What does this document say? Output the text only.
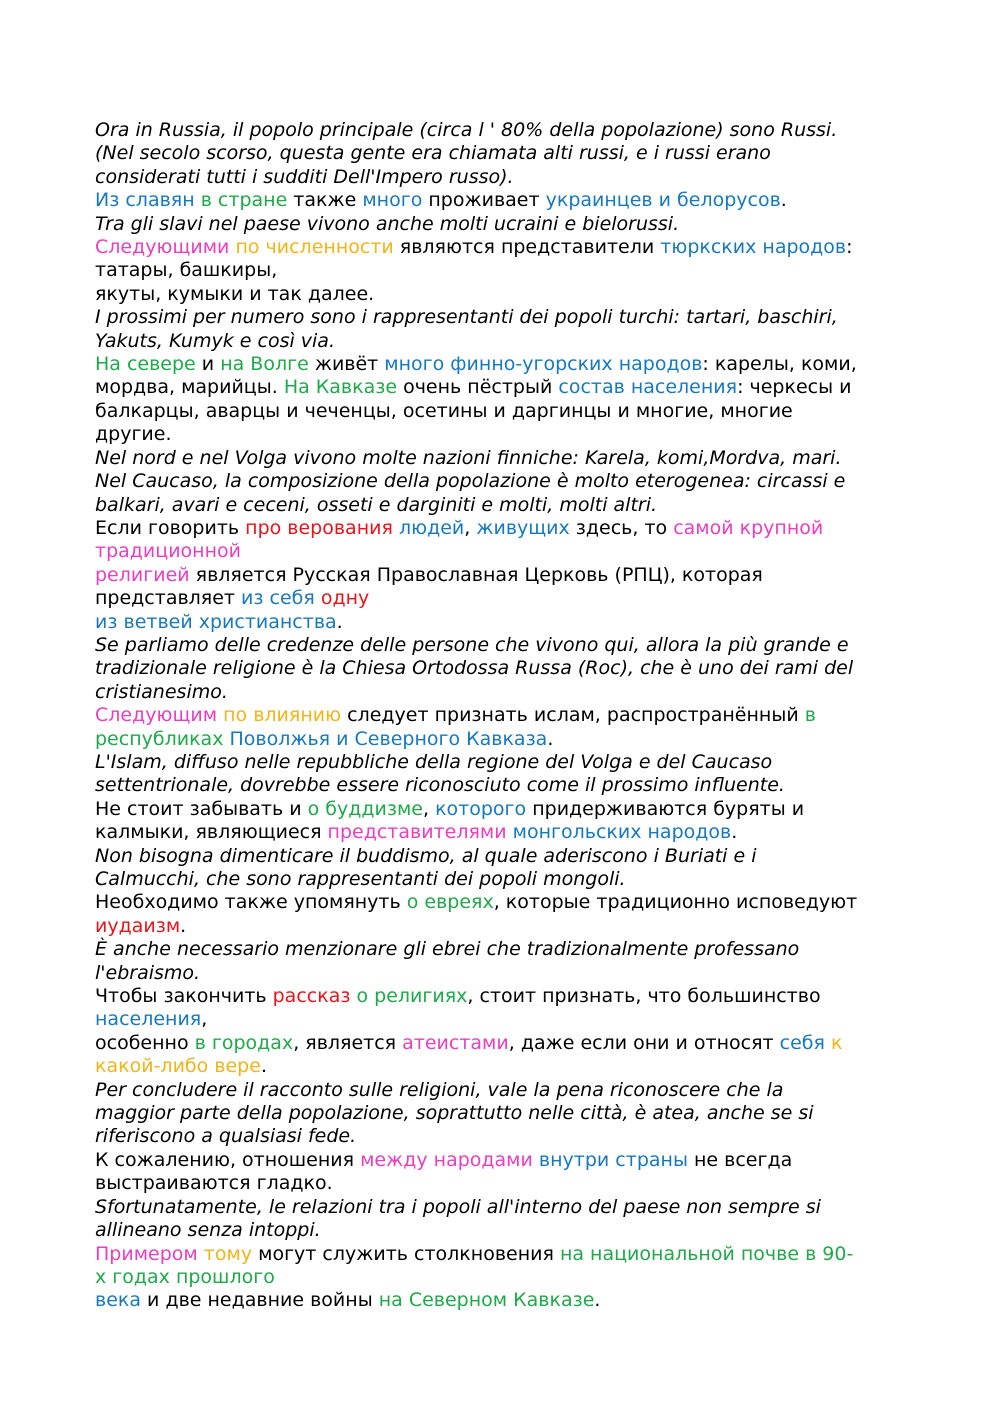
Ora in Russia, il popolo principale (circa l ' 80% della popolazione) sono Russi.
(Nel secolo scorso, questa gente era chiamata alti russi, e i russi erano
considerati tutti i sudditi Dell'Impero russo).

Из славян в стране также много проживает украинцев и белорусов.

Tra gli slavi nel paese vivono anche molti ucraini e bielorussi.

Следующими по численности являются представители тюркских народов:
татары, башкиры,
якуты, кумыки и так далее.

I prossimi per numero sono i rappresentanti dei popoli turchi: tartari, baschiri,
Yakuts, Kumyk e così via.

На севере и на Волге живёт много финно-угорских народов: карелы, коми,
мордва, марийцы. На Кавказе очень пёстрый состав населения: черкесы и
балкарцы, аварцы и чеченцы, осетины и даргинцы и многие, многие
другие.

Nel nord e nel Volga vivono molte nazioni finniche: Karela, komi,Mordva, mari.
Nel Caucaso, la composizione della popolazione è molto eterogenea: circassi e
balkari, avari e ceceni, osseti e darginiti e molti, molti altri.

Если говорить про верования людей, живущих здесь, то самой крупной
традиционной
религией является Русская Православная Церковь (РПЦ), которая
представляет из себя одну
из ветвей христианства.

Se parliamo delle credenze delle persone che vivono qui, allora la più grande e
tradizionale religione è la Chiesa Ortodossa Russa (Roc), che è uno dei rami del
cristianesimo.

Следующим по влиянию следует признать ислам, распространённый в
республиках Поволжья и Северного Кавказа.

L'Islam, diffuso nelle repubbliche della regione del Volga e del Caucaso
settentrionale, dovrebbe essere riconosciuto come il prossimo influente.

Не стоит забывать и о буддизме, которого придерживаются буряты и
калмыки, являющиеся представителями монгольских народов.

Non bisogna dimenticare il buddismo, al quale aderiscono i Buriati e i
Calmucchi, che sono rappresentanti dei popoli mongoli.

Необходимо также упомянуть о евреях, которые традиционно исповедуют
иудаизм.

È anche necessario menzionare gli ebrei che tradizionalmente professano
l'ebraismo.

Чтобы закончить рассказ о религиях, стоит признать, что большинство
населения,
особенно в городах, является атеистами, даже если они и относят себя к
какой-либо вере.

Per concludere il racconto sulle religioni, vale la pena riconoscere che la
maggior parte della popolazione, soprattutto nelle città, è atea, anche se si
riferiscono a qualsiasi fede.

К сожалению, отношения между народами внутри страны не всегда
выстраиваются гладко.

Sfortunatamente, le relazioni tra i popoli all'interno del paese non sempre si
allineano senza intoppi.

Примером тому могут служить столкновения на национальной почве в 90-
х годах прошлого
века и две недавние войны на Северном Кавказе.
